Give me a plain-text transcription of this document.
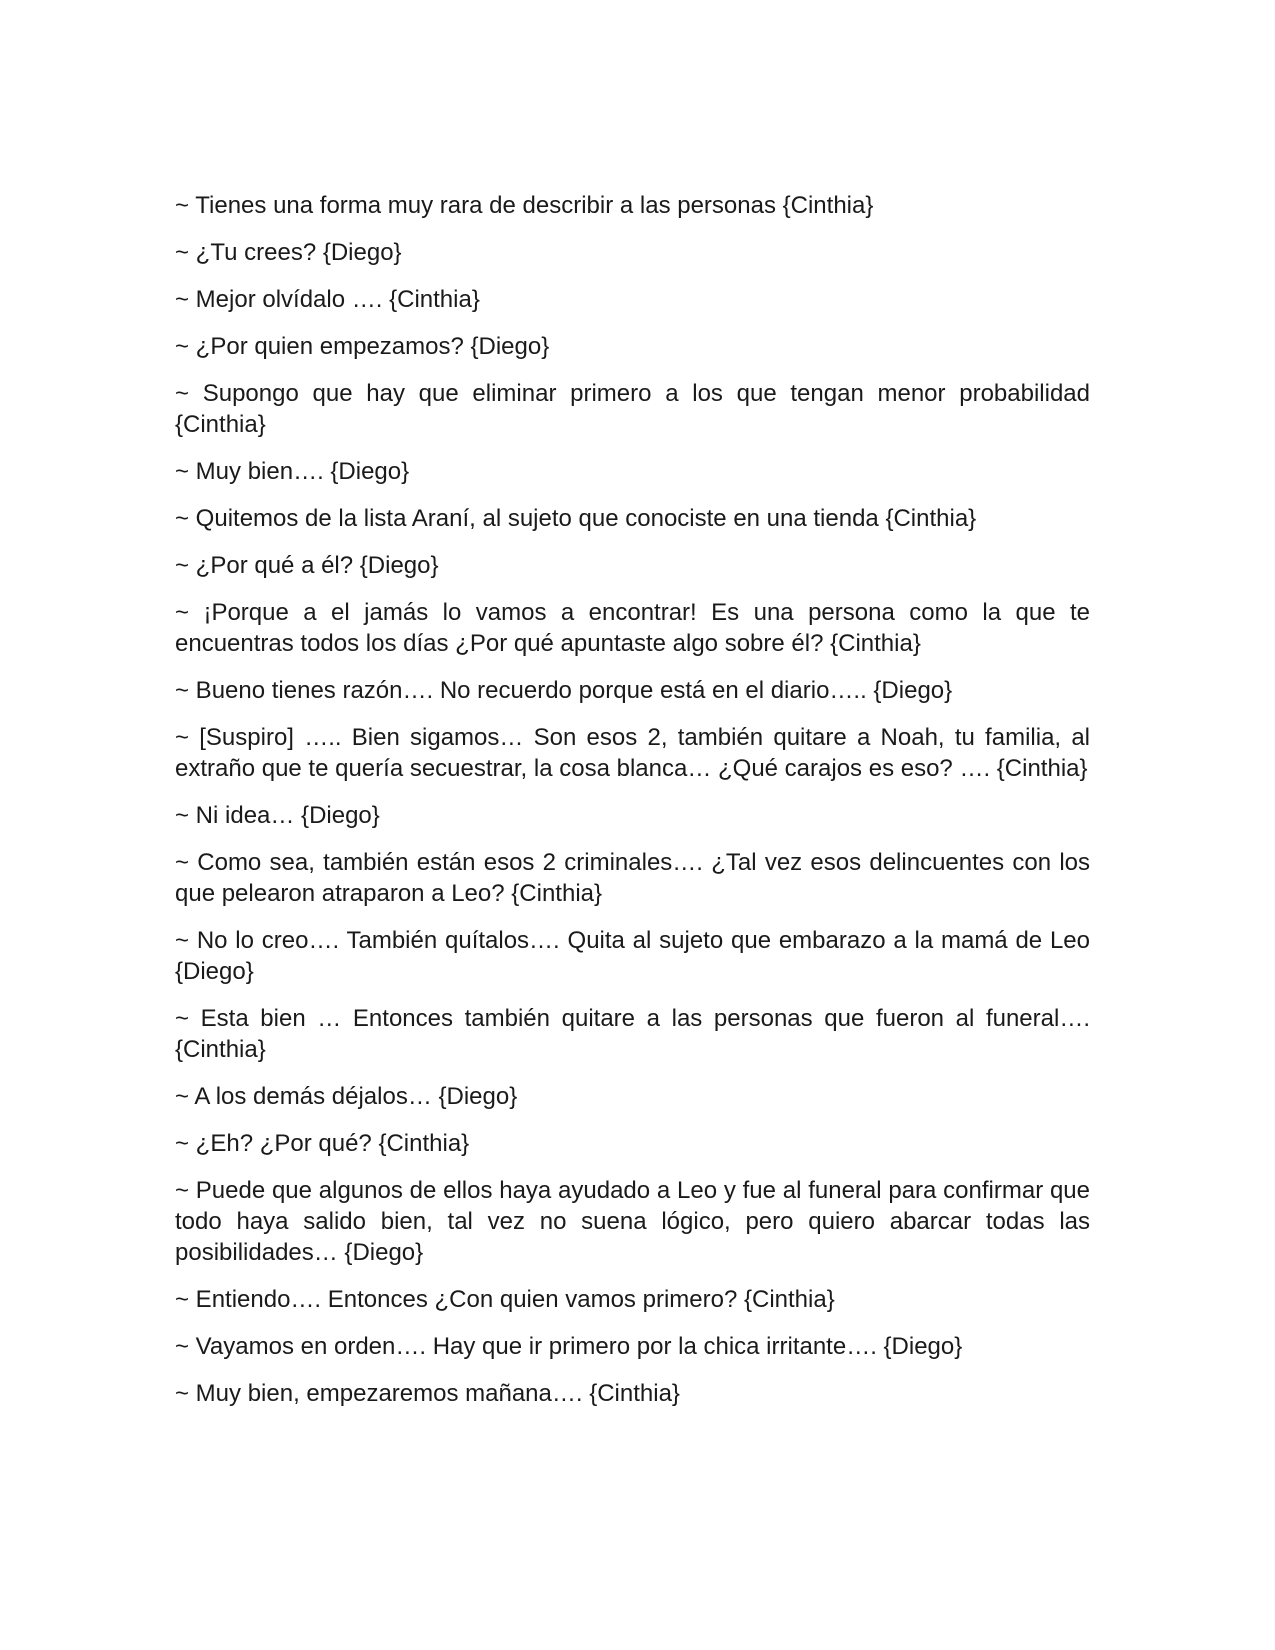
~ Tienes una forma muy rara de describir a las personas {Cinthia}

~ ¿Tu crees? {Diego}

~ Mejor olvídalo …. {Cinthia}

~ ¿Por quien empezamos? {Diego}

~ Supongo que hay que eliminar primero a los que tengan menor probabilidad {Cinthia}

~ Muy bien…. {Diego}

~ Quitemos de la lista Araní, al sujeto que conociste en una tienda {Cinthia}

~ ¿Por qué a él? {Diego}

~ ¡Porque a el jamás lo vamos a encontrar! Es una persona como la que te encuentras todos los días ¿Por qué apuntaste algo sobre él? {Cinthia}

~ Bueno tienes razón…. No recuerdo porque está en el diario….. {Diego}

~ [Suspiro] ….. Bien sigamos… Son esos 2, también quitare a Noah, tu familia, al extraño que te quería secuestrar, la cosa blanca… ¿Qué carajos es eso? …. {Cinthia}

~ Ni idea… {Diego}

~ Como sea, también están esos 2 criminales…. ¿Tal vez esos delincuentes con los que pelearon atraparon a Leo? {Cinthia}

~ No lo creo…. También quítalos…. Quita al sujeto que embarazo a la mamá de Leo {Diego}

~ Esta bien … Entonces también quitare a las personas que fueron al funeral…. {Cinthia}

~ A los demás déjalos… {Diego}

~ ¿Eh? ¿Por qué? {Cinthia}

~ Puede que algunos de ellos haya ayudado a Leo y fue al funeral para confirmar que todo haya salido bien, tal vez no suena lógico, pero quiero abarcar todas las posibilidades… {Diego}

~ Entiendo…. Entonces ¿Con quien vamos primero? {Cinthia}

~ Vayamos en orden…. Hay que ir primero por la chica irritante…. {Diego}

~ Muy bien, empezaremos mañana…. {Cinthia}
